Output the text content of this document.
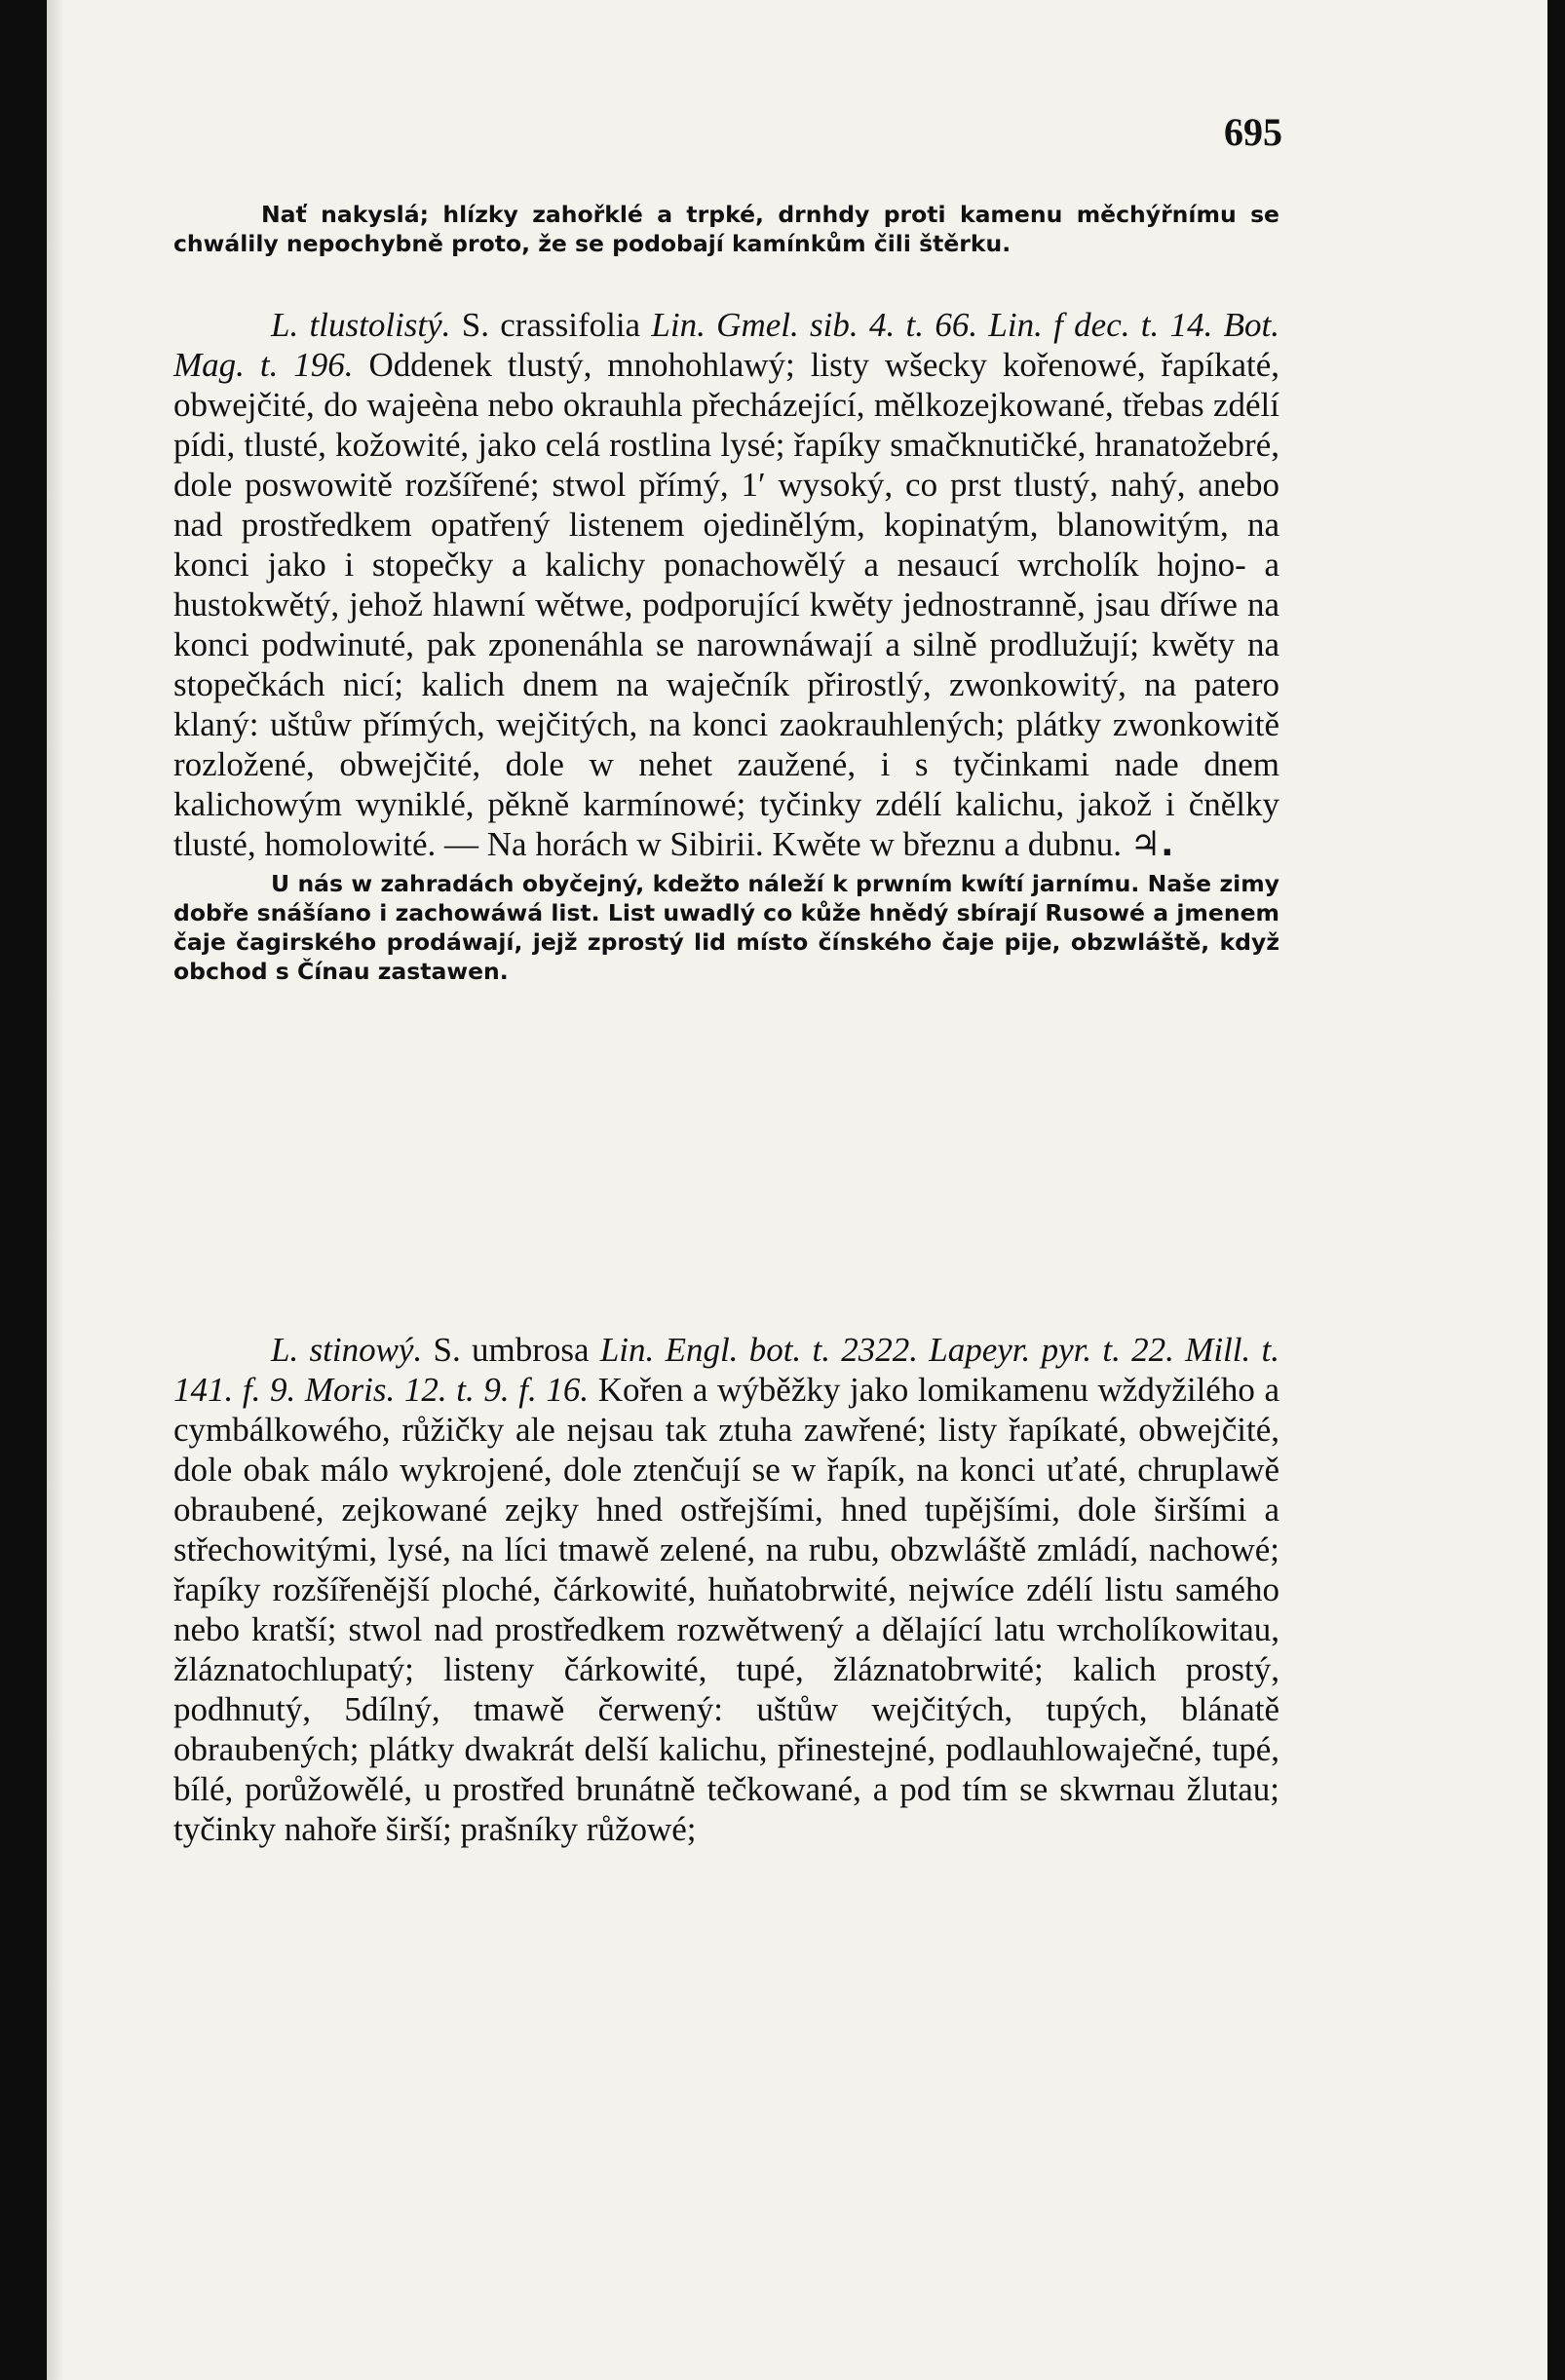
695

Nať nakyslá; hlízky zahořklé a trpké, drnhdy proti kamenu měchýřnímu se chwálily nepochybně proto, že se podobají kamínkům čili štěrku.

L. tlustolistý. S. crassifolia Lin. Gmel. sib. 4. t. 66. Lin. f dec. t. 14. Bot. Mag. t. 196. Oddenek tlustý, mnohohlawý; listy wšecky kořenowé, řapíkaté, obwejčité, do wajeèna nebo okrauhla přecházející, mělkozejkowané, třebas zdélí pídi, tlusté, kožowité, jako celá rostlina lysé; řapíky smačknutičké, hranatožebré, dole poswowitě rozšířené; stwol přímý, 1′ wysoký, co prst tlustý, nahý, anebo nad prostředkem opatřený listenem ojedinělým, kopinatým, blanowitým, na konci jako i stopečky a kalichy ponachowělý a nesaucí wrcholík hojno- a hustokwětý, jehož hlawní wětwe, podporující kwěty jednostranně, jsau dříwe na konci podwinuté, pak zponenáhla se narownáwají a silně prodlužují; kwěty na stopečkách nicí; kalich dnem na waječník přirostlý, zwonkowitý, na patero klaný: uštůw přímých, wejčitých, na konci zaokrauhlených; plátky zwonkowitě rozložené, obwejčité, dole w nehet zaužené, i s tyčinkami nade dnem kalichowým wyniklé, pěkně karmínowé; tyčinky zdélí kalichu, jakož i čnělky tlusté, homolowité. — Na horách w Sibirii. Kwěte w březnu a dubnu. ♃.

U nás w zahradách obyčejný, kdežto náleží k prwním kwítí jarnímu. Naše zimy dobře snášíano i zachowáwá list. List uwadlý co kůže hnědý sbírají Rusowé a jmenem čaje čagirského prodáwají, jejž zprostý lid místo čínského čaje pije, obzwláště, když obchod s Čínau zastawen.

L. stinowý. S. umbrosa Lin. Engl. bot. t. 2322. Lapeyr. pyr. t. 22. Mill. t. 141. f. 9. Moris. 12. t. 9. f. 16. Kořen a wýběžky jako lomikamenu wždyžilého a cymbálkowého, růžičky ale nejsau tak ztuha zawřené; listy řapíkaté, obwejčité, dole obak málo wykrojené, dole ztenčují se w řapík, na konci uťaté, chruplawě obraubené, zejkowané zejky hned ostřejšími, hned tupějšími, dole širšími a střechowitými, lysé, na líci tmawě zelené, na rubu, obzwláště zmládí, nachowé; řapíky rozšířenější ploché, čárkowité, huňatobrwité, nejwíce zdélí listu samého nebo kratší; stwol nad prostředkem rozwětwený a dělající latu wrcholíkowitau, žláznatochlupatý; listeny čárkowité, tupé, žláznatobrwité; kalich prostý, podhnutý, 5dílný, tmawě čerwený: uštůw wejčitých, tupých, blánatě obraubených; plátky dwakrát delší kalichu, přinestejné, podlauhlowaječné, tupé, bílé, porůžowělé, u prostřed brunátně tečkowané, a pod tím se skwrnau žlutau; tyčinky nahoře širší; prašníky růžowé;
